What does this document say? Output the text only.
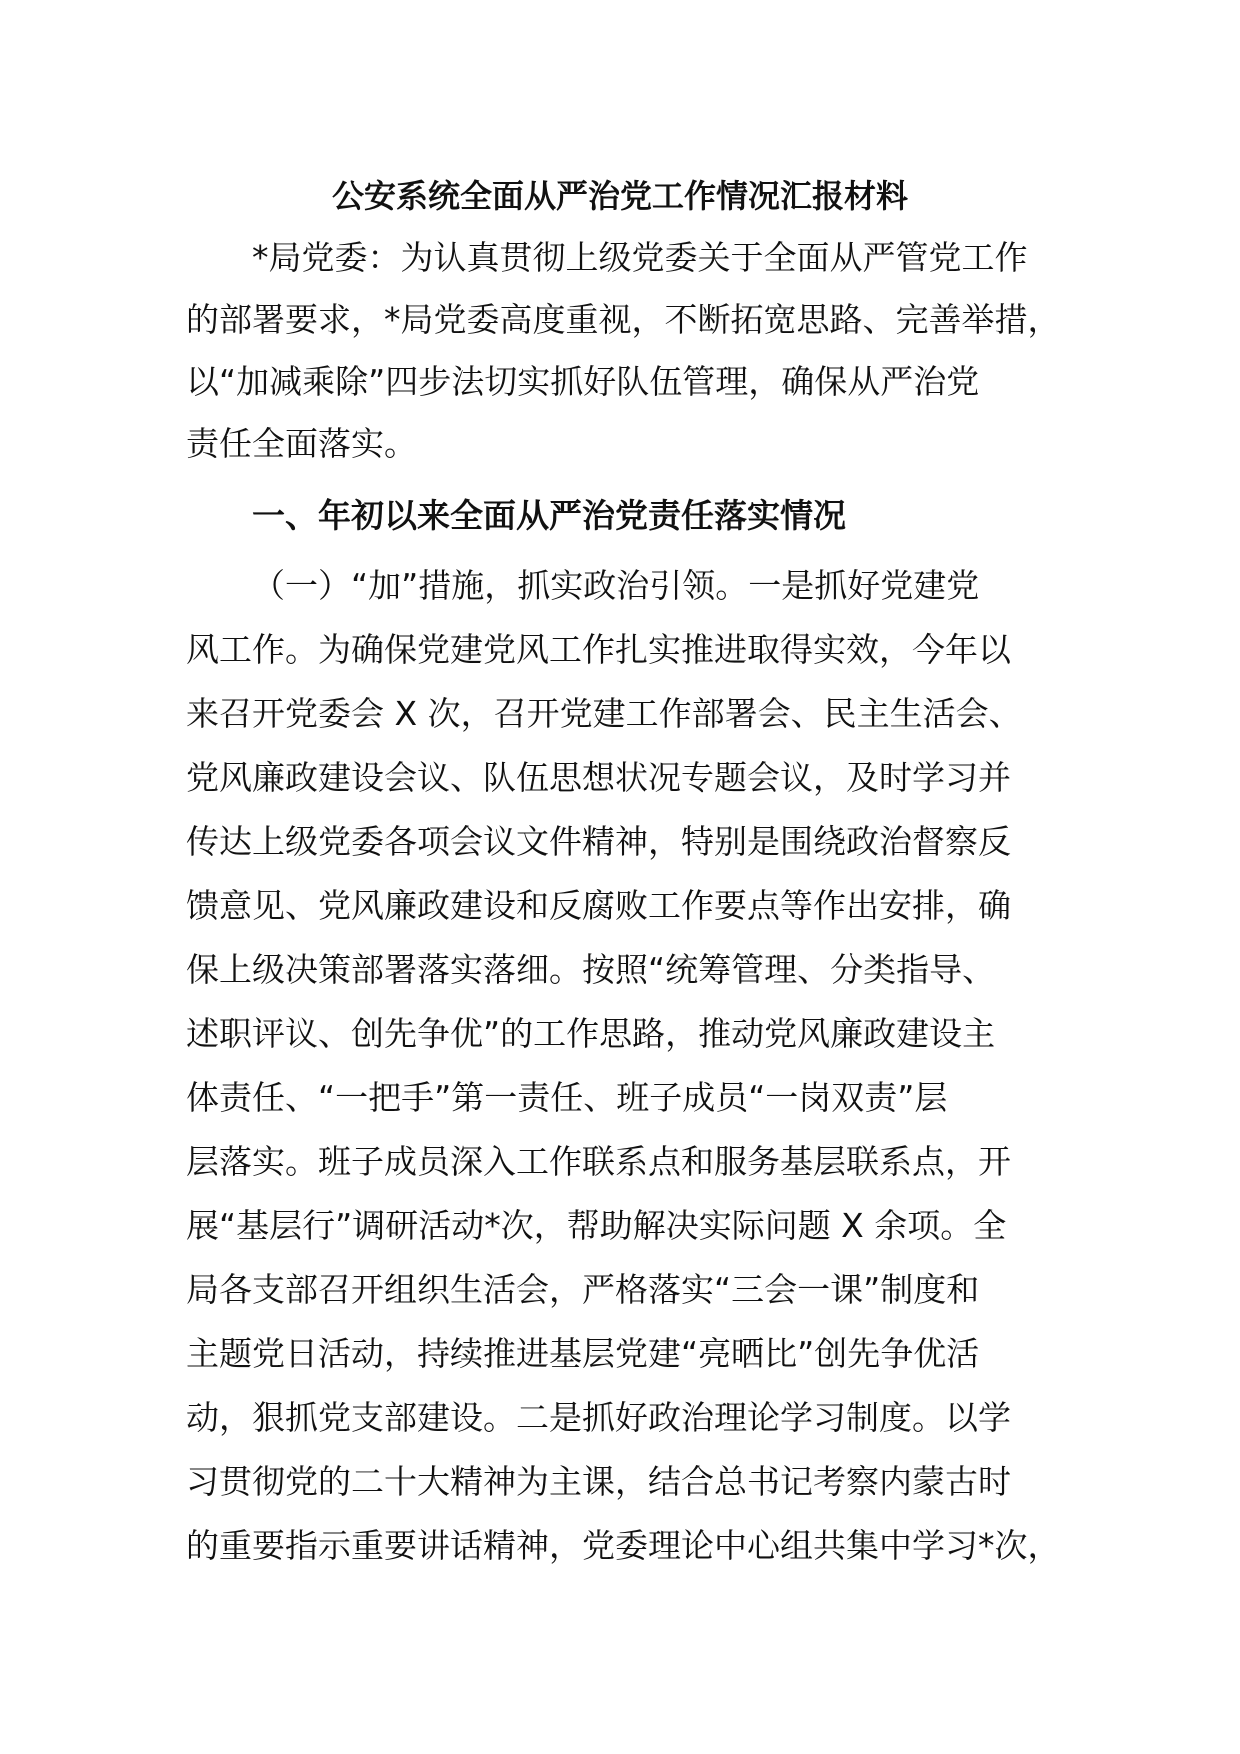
公安系统全面从严治党工作情况汇报材料
*局党委：为认真贯彻上级党委关于全面从严管党工作
的部署要求，*局党委高度重视，不断拓宽思路、完善举措，
以“加减乘除”四步法切实抓好队伍管理，确保从严治党
责任全面落实。
一、年初以来全面从严治党责任落实情况
（一）“加”措施，抓实政治引领。一是抓好党建党
风工作。为确保党建党风工作扎实推进取得实效，今年以
来召开党委会 X 次，召开党建工作部署会、民主生活会、
党风廉政建设会议、队伍思想状况专题会议，及时学习并
传达上级党委各项会议文件精神，特别是围绕政治督察反
馈意见、党风廉政建设和反腐败工作要点等作出安排，确
保上级决策部署落实落细。按照“统筹管理、分类指导、
述职评议、创先争优”的工作思路，推动党风廉政建设主
体责任、“一把手”第一责任、班子成员“一岗双责”层
层落实。班子成员深入工作联系点和服务基层联系点，开
展“基层行”调研活动*次，帮助解决实际问题 X 余项。全
局各支部召开组织生活会，严格落实“三会一课”制度和
主题党日活动，持续推进基层党建“亮晒比”创先争优活
动，狠抓党支部建设。二是抓好政治理论学习制度。以学
习贯彻党的二十大精神为主课，结合总书记考察内蒙古时
的重要指示重要讲话精神，党委理论中心组共集中学习*次，
